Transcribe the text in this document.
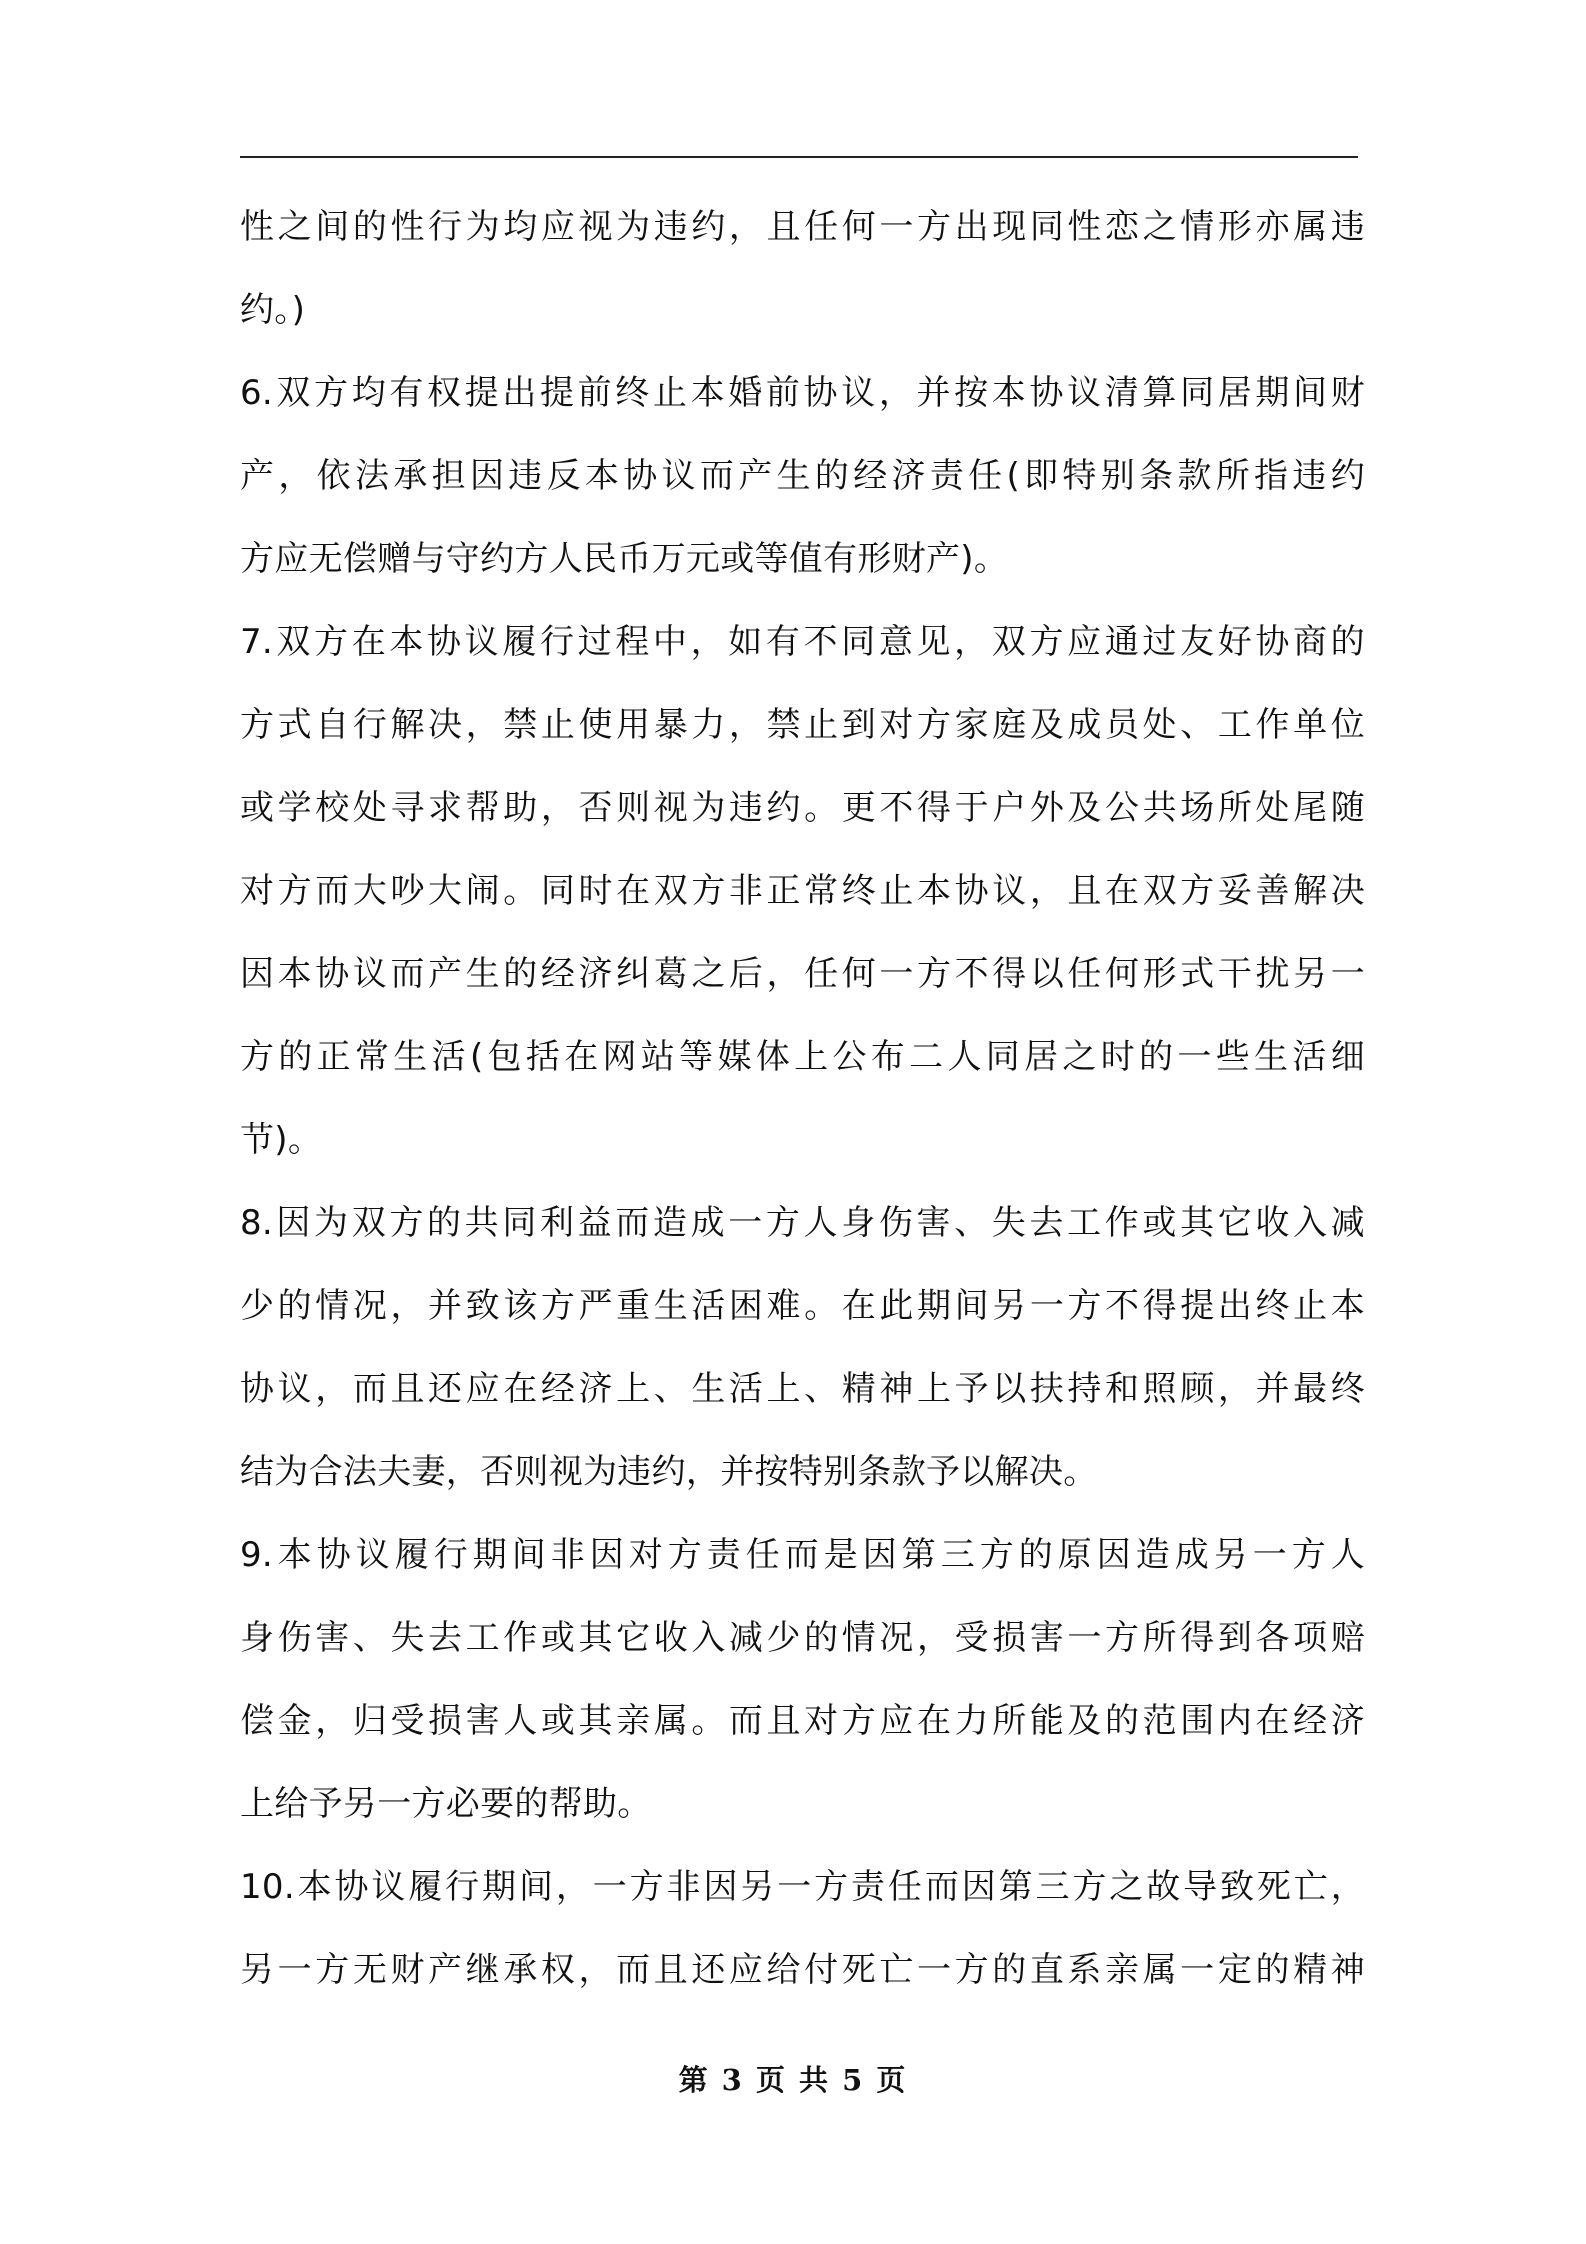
性之间的性行为均应视为违约，且任何一方出现同性恋之情形亦属违
约。)
6.双方均有权提出提前终止本婚前协议，并按本协议清算同居期间财
产，依法承担因违反本协议而产生的经济责任(即特别条款所指违约
方应无偿赠与守约方人民币万元或等值有形财产)。
7.双方在本协议履行过程中，如有不同意见，双方应通过友好协商的
方式自行解决，禁止使用暴力，禁止到对方家庭及成员处、工作单位
或学校处寻求帮助，否则视为违约。更不得于户外及公共场所处尾随
对方而大吵大闹。同时在双方非正常终止本协议，且在双方妥善解决
因本协议而产生的经济纠葛之后，任何一方不得以任何形式干扰另一
方的正常生活(包括在网站等媒体上公布二人同居之时的一些生活细
节)。
8.因为双方的共同利益而造成一方人身伤害、失去工作或其它收入减
少的情况，并致该方严重生活困难。在此期间另一方不得提出终止本
协议，而且还应在经济上、生活上、精神上予以扶持和照顾，并最终
结为合法夫妻，否则视为违约，并按特别条款予以解决。
9.本协议履行期间非因对方责任而是因第三方的原因造成另一方人
身伤害、失去工作或其它收入减少的情况，受损害一方所得到各项赔
偿金，归受损害人或其亲属。而且对方应在力所能及的范围内在经济
上给予另一方必要的帮助。
10.本协议履行期间，一方非因另一方责任而因第三方之故导致死亡，
另一方无财产继承权，而且还应给付死亡一方的直系亲属一定的精神
第 3 页 共 5 页
